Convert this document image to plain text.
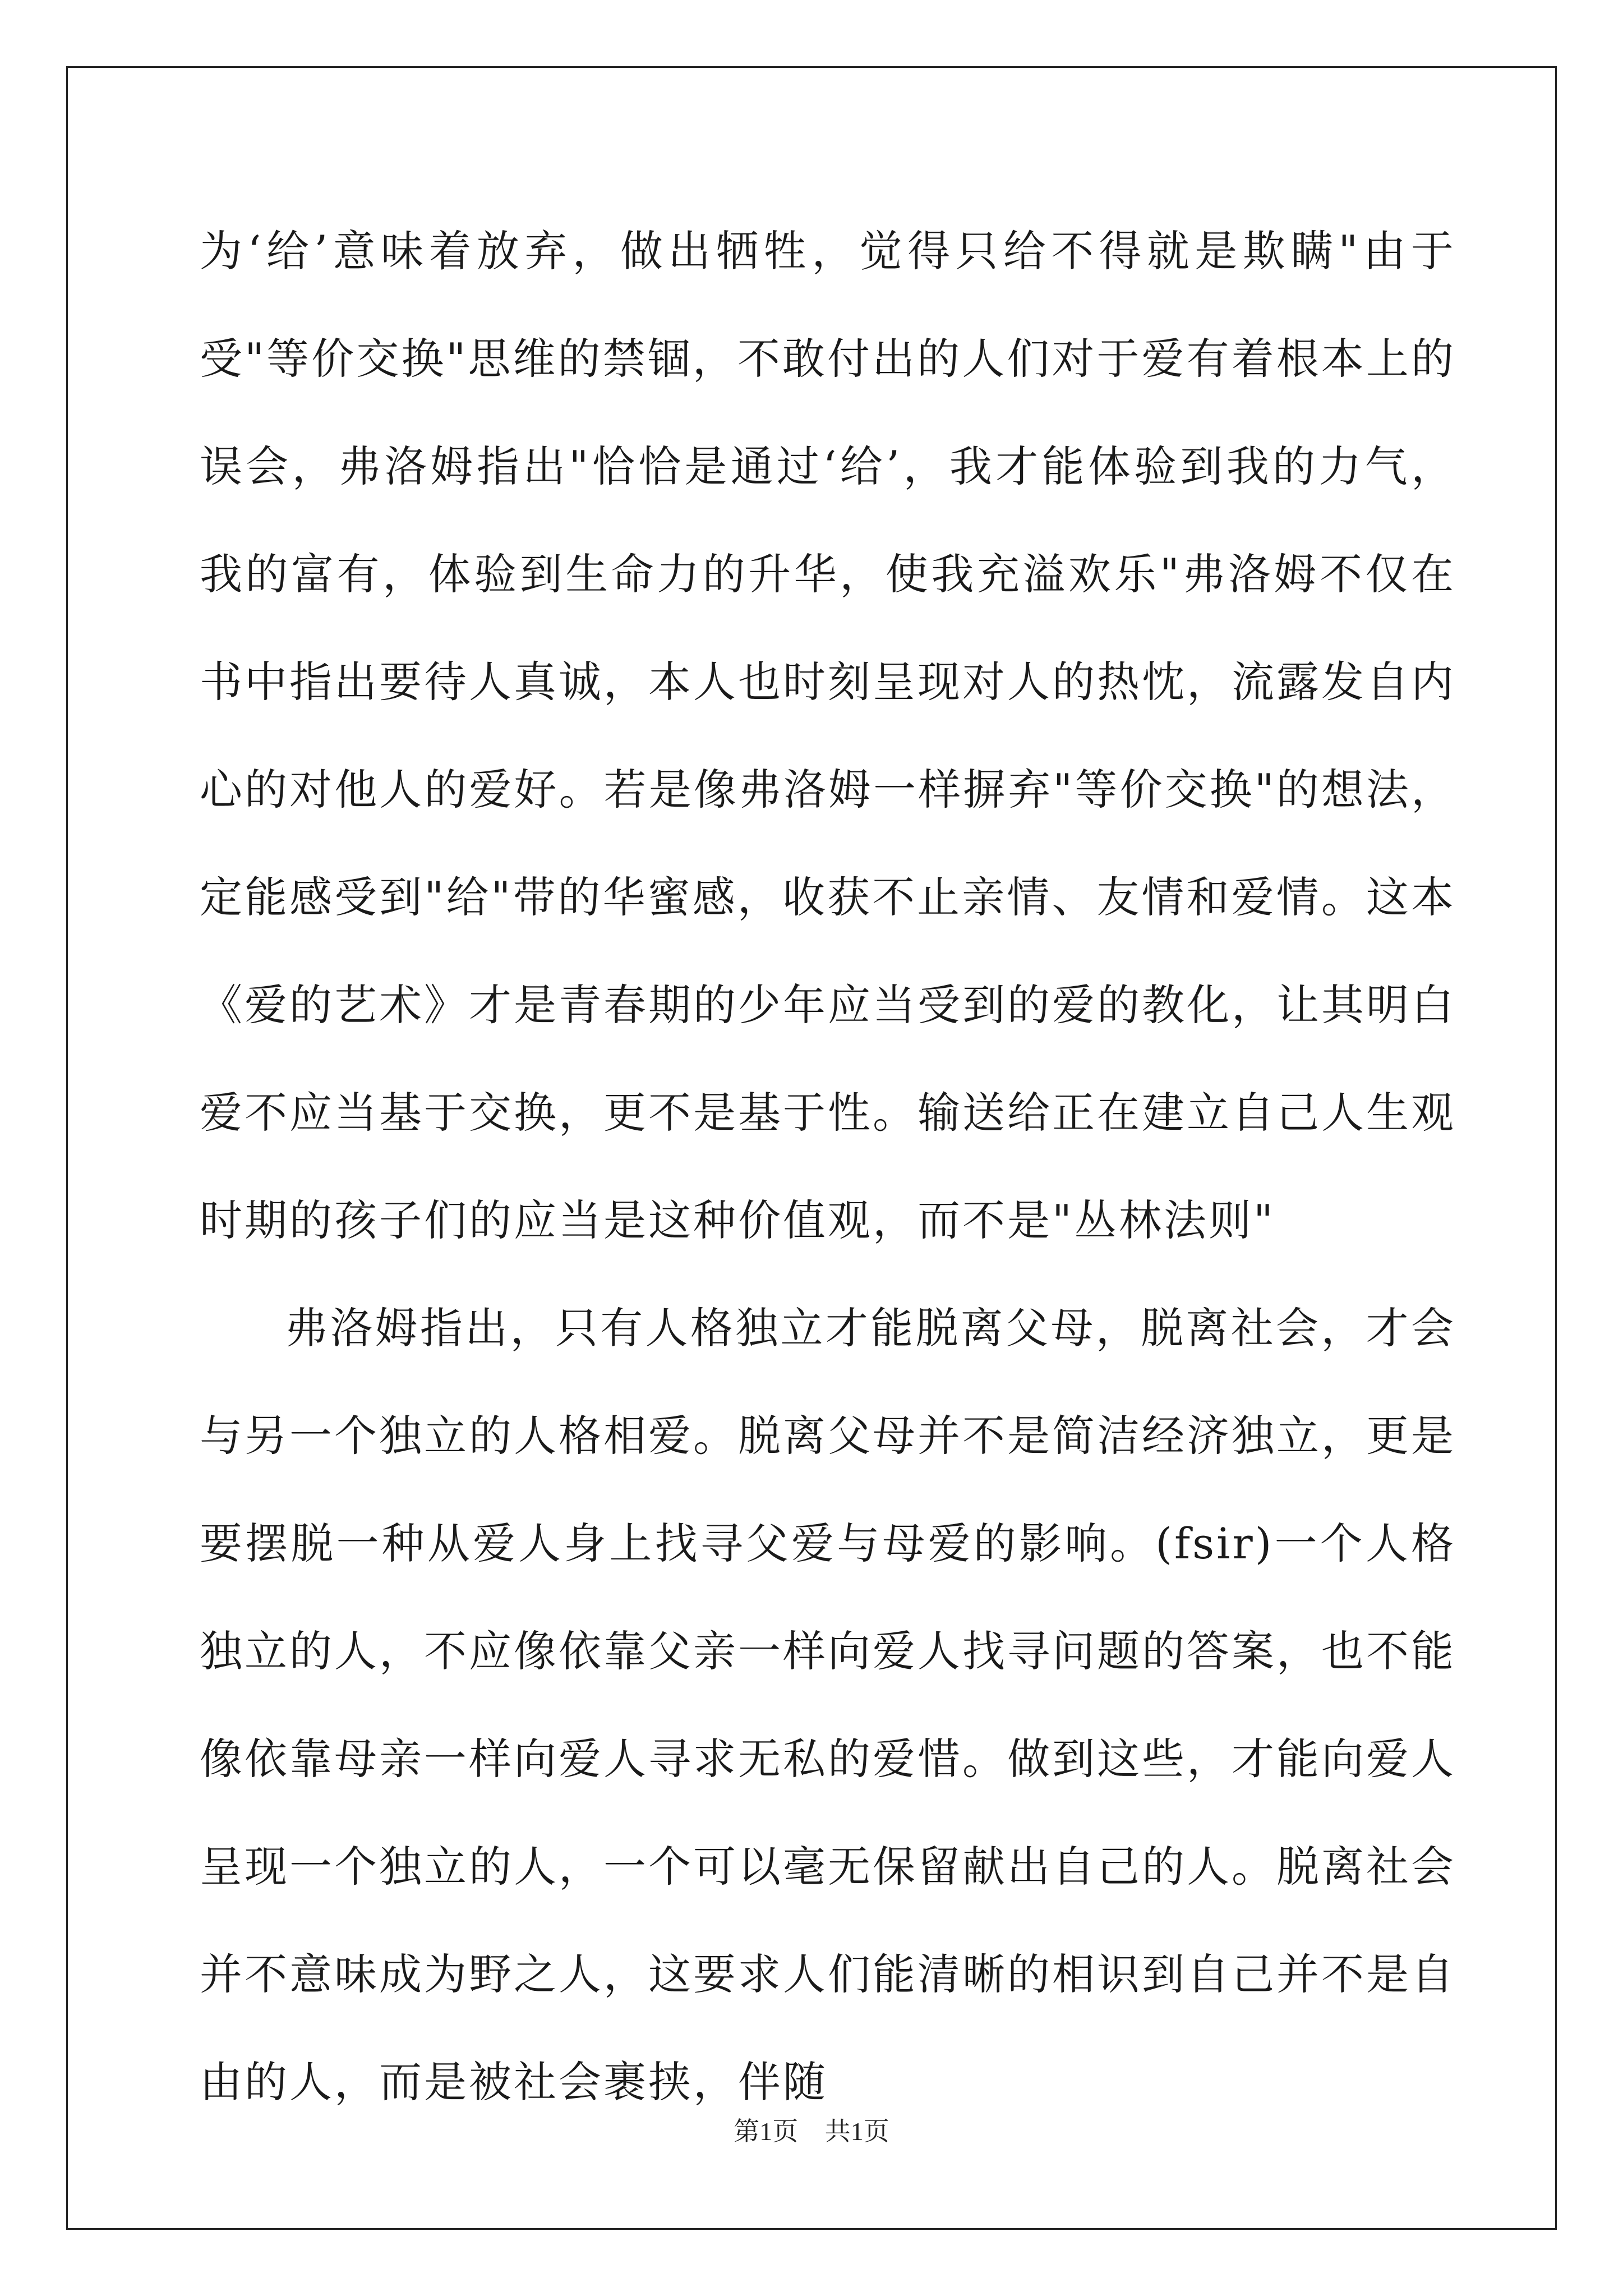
为‘给’意味着放弃，做出牺牲，觉得只给不得就是欺瞒"由于受"等价交换"思维的禁锢，不敢付出的人们对于爱有着根本上的误会，弗洛姆指出"恰恰是通过‘给’，我才能体验到我的力气，我的富有，体验到生命力的升华，使我充溢欢乐"弗洛姆不仅在书中指出要待人真诚，本人也时刻呈现对人的热忱，流露发自内心的对他人的爱好。若是像弗洛姆一样摒弃"等价交换"的想法，定能感受到"给"带的华蜜感，收获不止亲情、友情和爱情。这本《爱的艺术》才是青春期的少年应当受到的爱的教化，让其明白爱不应当基于交换，更不是基于性。输送给正在建立自己人生观时期的孩子们的应当是这种价值观，而不是"丛林法则"

弗洛姆指出，只有人格独立才能脱离父母，脱离社会，才会与另一个独立的人格相爱。脱离父母并不是简洁经济独立，更是要摆脱一种从爱人身上找寻父爱与母爱的影响。(fsir)一个人格独立的人，不应像依靠父亲一样向爱人找寻问题的答案，也不能像依靠母亲一样向爱人寻求无私的爱惜。做到这些，才能向爱人呈现一个独立的人，一个可以毫无保留献出自己的人。脱离社会并不意味成为野之人，这要求人们能清晰的相识到自己并不是自由的人，而是被社会裹挟，伴随

第1页 共1页
